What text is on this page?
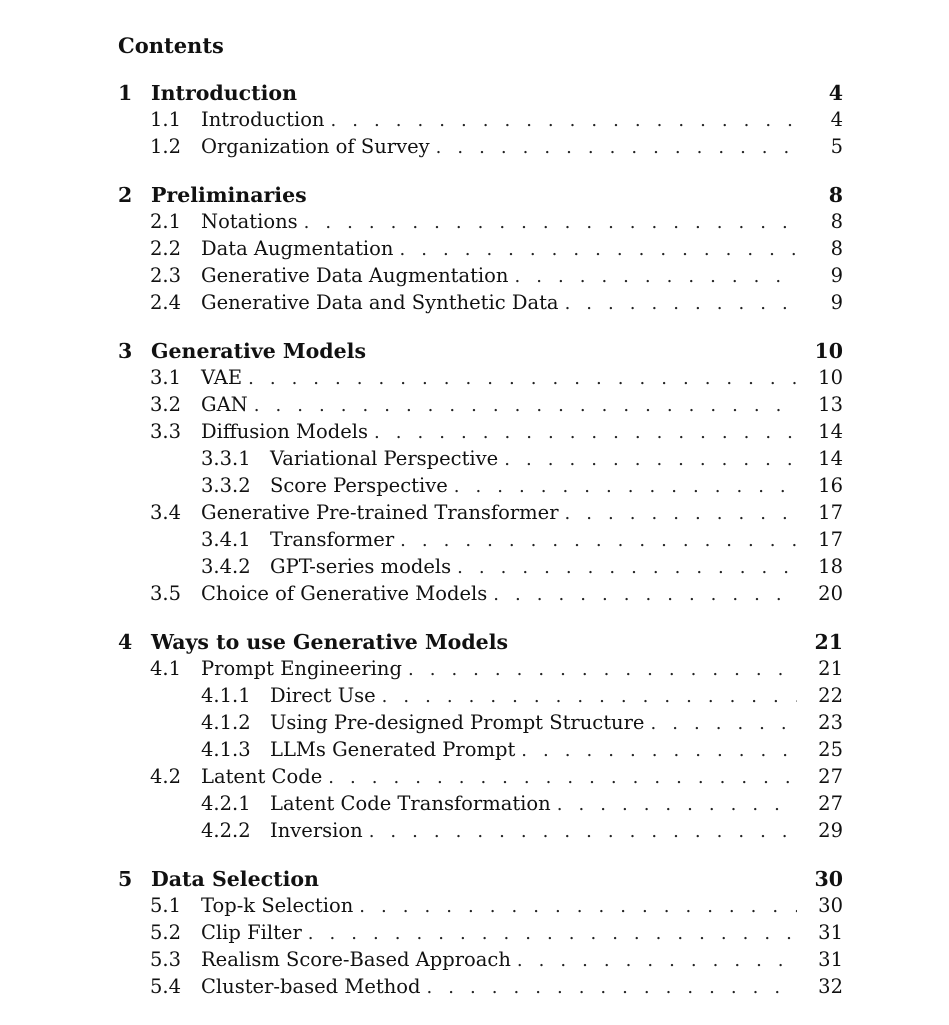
Contents
1 Introduction	4
1.1	Introduction . . .	4
1.2	Organization of Survey . . .	5
2 Preliminaries	8
2.1	Notations . . .	8
2.2	Data Augmentation . . .	8
2.3	Generative Data Augmentation . . .	9
2.4	Generative Data and Synthetic Data . . .	9
3 Generative Models	10
3.1	VAE . . .	10
3.2	GAN . . .	13
3.3	Diffusion Models . . .	14
3.3.1 Variational Perspective . . .	14
3.3.2 Score Perspective . . .	16
3.4	Generative Pre-trained Transformer . . .	17
3.4.1 Transformer . . .	17
3.4.2 GPT-series models . . .	18
3.5	Choice of Generative Models . . .	20
4 Ways to use Generative Models	21
4.1	Prompt Engineering . . .	21
4.1.1 Direct Use . . .	22
4.1.2 Using Pre-designed Prompt Structure . . .	23
4.1.3 LLMs Generated Prompt . . .	25
4.2	Latent Code . . .	27
4.2.1 Latent Code Transformation . . .	27
4.2.2 Inversion . . .	29
5 Data Selection	30
5.1	Top-k Selection . . .	30
5.2	Clip Filter . . .	31
5.3	Realism Score-Based Approach . . .	31
5.4	Cluster-based Method . . .	32
